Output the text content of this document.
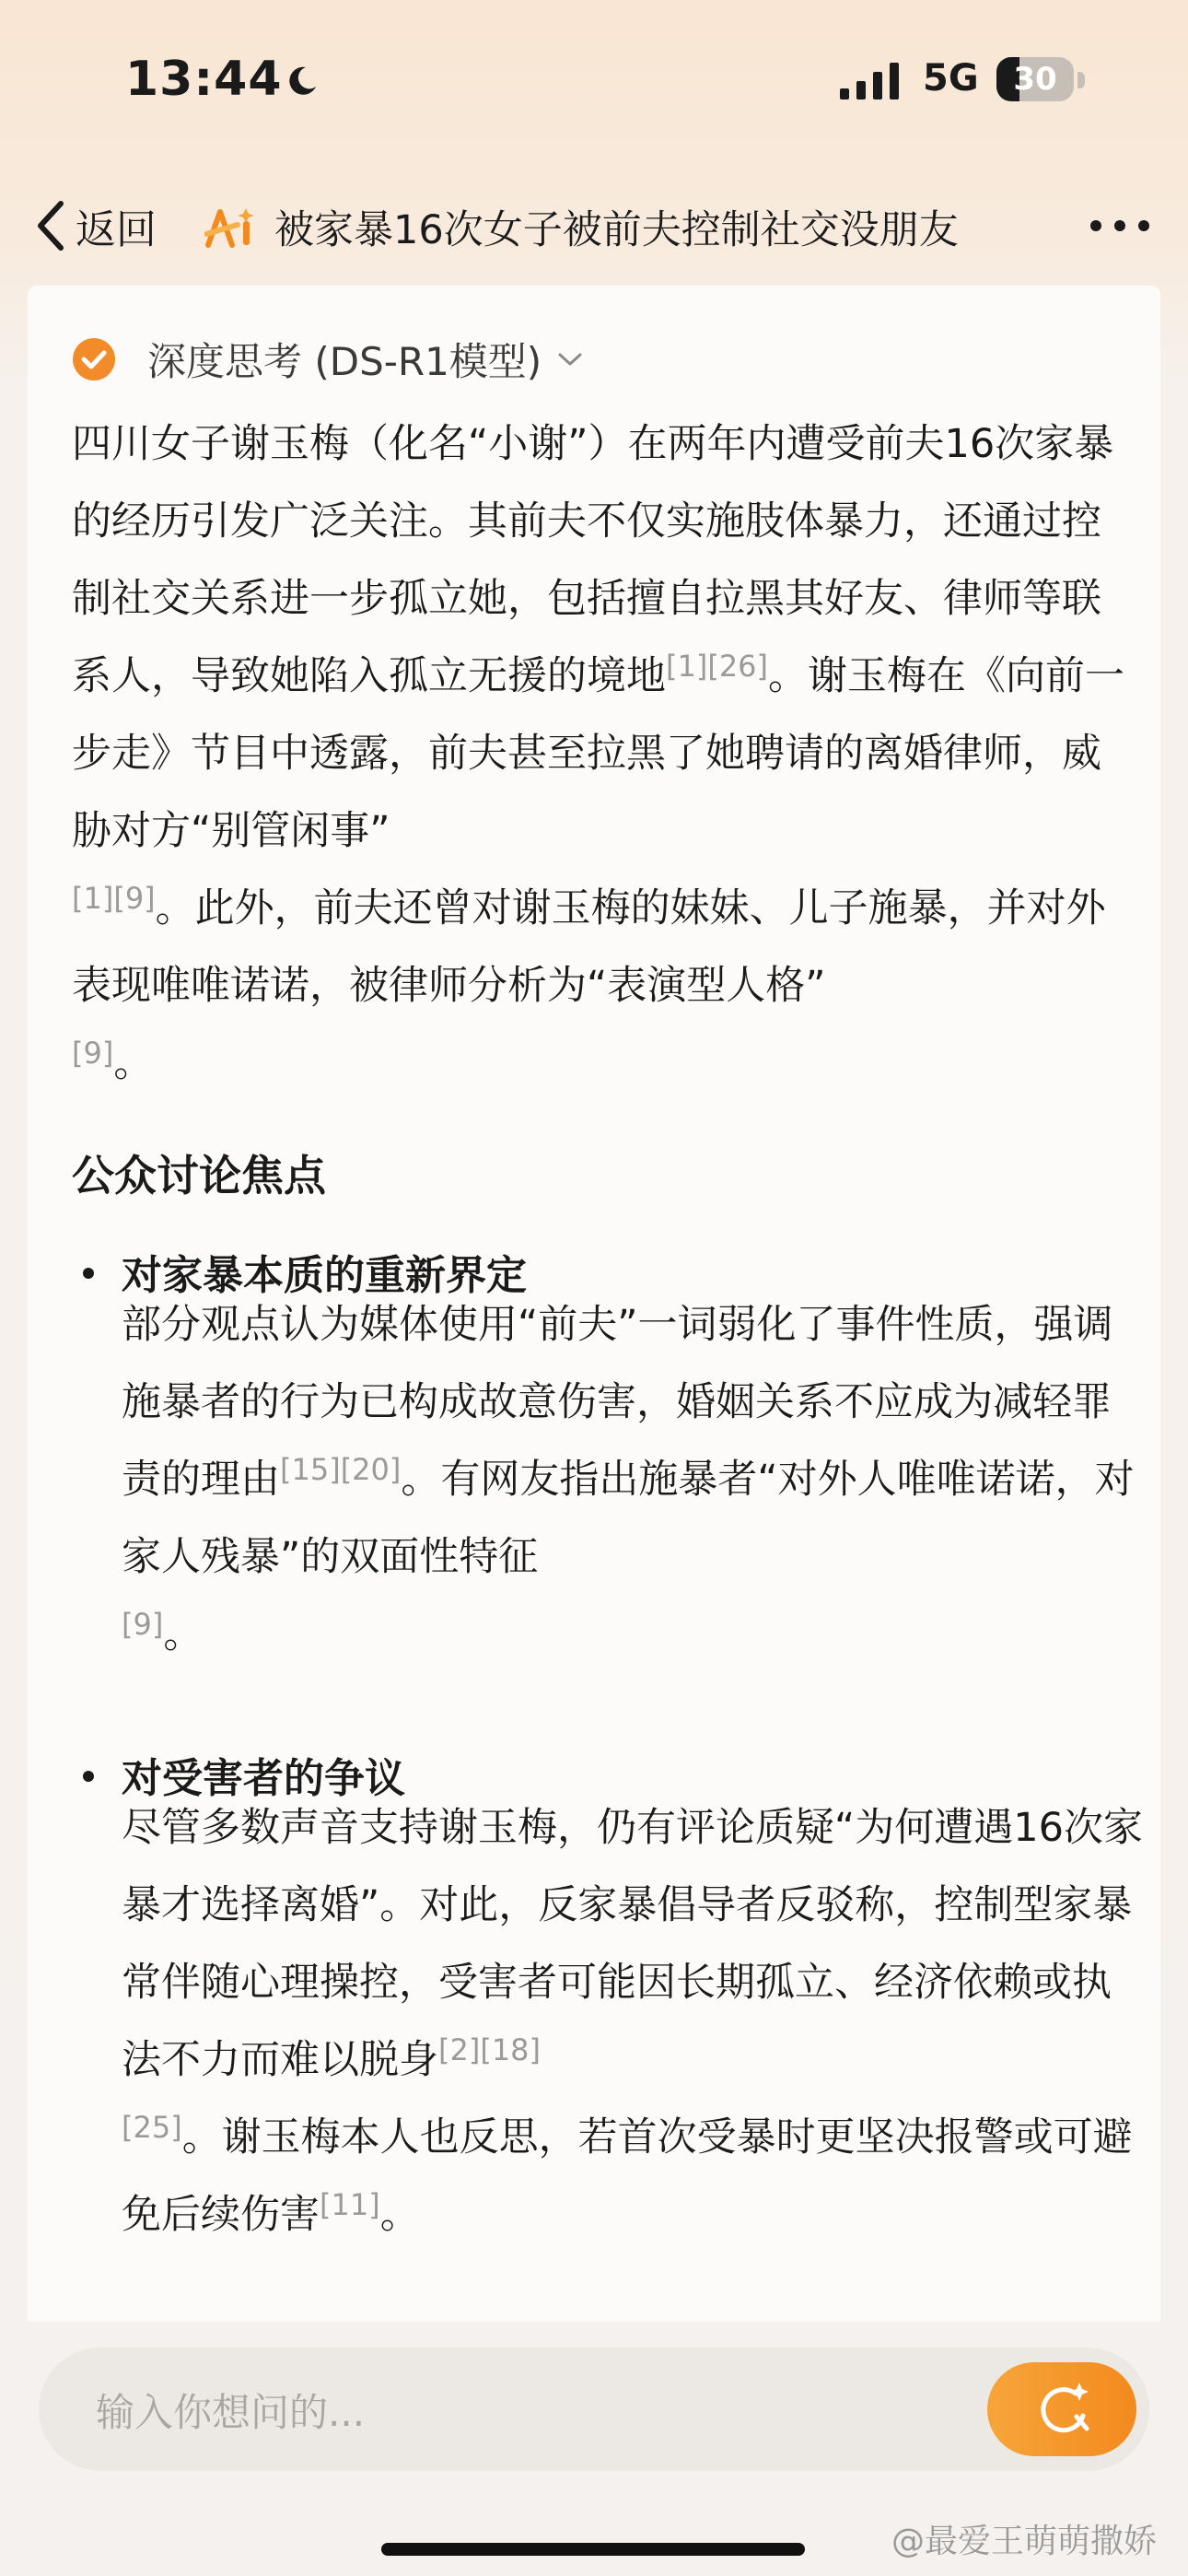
13:44	5G	30
返回	被家暴16次女子被前夫控制社交没朋友
深度思考 (DS-R1模型)

四川女子谢玉梅（化名“小谢”）在两年内遭受前夫16次家暴的经历引发广泛关注。其前夫不仅实施肢体暴力，还通过控制社交关系进一步孤立她，包括擅自拉黑其好友、律师等联系人，导致她陷入孤立无援的境地[1][26]。谢玉梅在《向前一步走》节目中透露，前夫甚至拉黑了她聘请的离婚律师，威胁对方“别管闲事”
[1][9]。此外，前夫还曾对谢玉梅的妹妹、儿子施暴，并对外表现唯唯诺诺，被律师分析为“表演型人格”
[9]。

公众讨论焦点
对家暴本质的重新界定

部分观点认为媒体使用“前夫”一词弱化了事件性质，强调施暴者的行为已构成故意伤害，婚姻关系不应成为减轻罪责的理由[15][20]。有网友指出施暴者“对外人唯唯诺诺，对家人残暴”的双面性特征
[9]。

对受害者的争议

尽管多数声音支持谢玉梅，仍有评论质疑“为何遭遇16次家暴才选择离婚”。对此，反家暴倡导者反驳称，控制型家暴常伴随心理操控，受害者可能因长期孤立、经济依赖或执法不力而难以脱身[2][18]
[25]。谢玉梅本人也反思，若首次受暴时更坚决报警或可避免后续伤害[11]。

输入你想问的...
@最爱王萌萌撒娇
